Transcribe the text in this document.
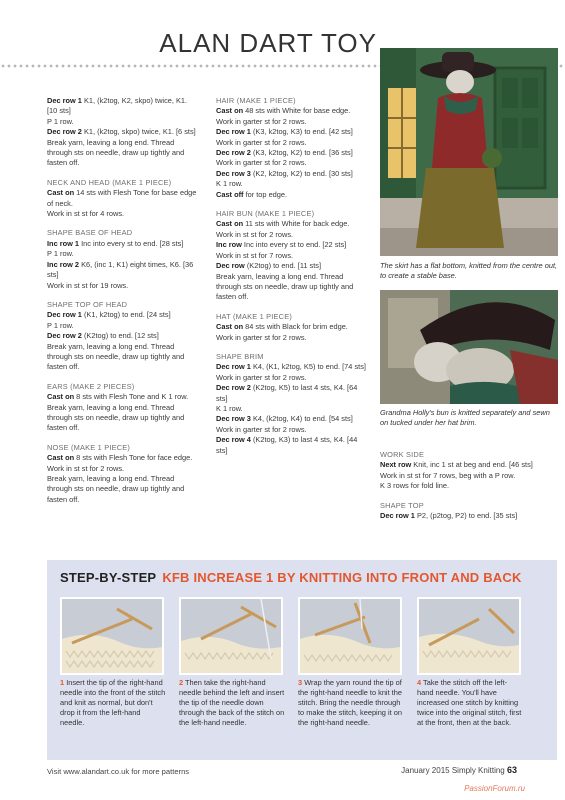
ALAN DART TOY

Dec row 1 K1, (k2tog, K2, skpo) twice, K1. [10 sts]

P 1 row.

Dec row 2 K1, (k2tog, skpo) twice, K1. [6 sts]

Break yarn, leaving a long end. Thread through sts on needle, draw up tightly and fasten off.

NECK AND HEAD (MAKE 1 PIECE)

Cast on 14 sts with Flesh Tone for base edge of neck.

Work in st st for 4 rows.

SHAPE BASE OF HEAD

Inc row 1 Inc into every st to end. [28 sts]

P 1 row.

Inc row 2 K6, (inc 1, K1) eight times, K6. [36 sts]

Work in st st for 19 rows.

SHAPE TOP OF HEAD

Dec row 1 (K1, k2tog) to end. [24 sts]

P 1 row.

Dec row 2 (K2tog) to end. [12 sts]

Break yarn, leaving a long end. Thread through sts on needle, draw up tightly and fasten off.

EARS (MAKE 2 PIECES)

Cast on 8 sts with Flesh Tone and K 1 row.

Break yarn, leaving a long end. Thread through sts on needle, draw up tightly and fasten off.

NOSE (MAKE 1 PIECE)

Cast on 8 sts with Flesh Tone for face edge.

Work in st st for 2 rows.

Break yarn, leaving a long end. Thread through sts on needle, draw up tightly and fasten off.

HAIR (MAKE 1 PIECE)

Cast on 48 sts with White for base edge.

Work in garter st for 2 rows.

Dec row 1 (K3, k2tog, K3) to end. [42 sts]

Work in garter st for 2 rows.

Dec row 2 (K3, k2tog, K2) to end. [36 sts]

Work in garter st for 2 rows.

Dec row 3 (K2, k2tog, K2) to end. [30 sts]

K 1 row.

Cast off for top edge.

HAIR BUN (MAKE 1 PIECE)

Cast on 11 sts with White for back edge.

Work in st st for 2 rows.

Inc row Inc into every st to end. [22 sts]

Work in st st for 7 rows.

Dec row (K2tog) to end. [11 sts]

Break yarn, leaving a long end. Thread through sts on needle, draw up tightly and fasten off.

HAT (MAKE 1 PIECE)

Cast on 84 sts with Black for brim edge.

Work in garter st for 2 rows.

SHAPE BRIM

Dec row 1 K4, (K1, k2tog, K5) to end. [74 sts]

Work in garter st for 2 rows.

Dec row 2 (K2tog, K5) to last 4 sts, K4. [64 sts]

K 1 row.

Dec row 3 K4, (k2tog, K4) to end. [54 sts]

Work in garter st for 2 rows.

Dec row 4 (K2tog, K3) to last 4 sts, K4. [44 sts]	WORK SIDE

Next row Knit, inc 1 st at beg and end. [46 sts]

Work in st st for 7 rows, beg with a P row.

K 3 rows for fold line.

SHAPE TOP

Dec row 1 P2, (p2tog, P2) to end. [35 sts]

The skirt has a flat bottom, knitted from the centre out, to create a stable base.
Grandma Holly's bun is knitted separately and sewn on tucked under her hat brim.
STEP-BY-STEP KFB INCREASE 1 BY KNITTING INTO FRONT AND BACK
1 Insert the tip of the right-hand needle into the front of the stitch and knit as normal, but don't drop it from the left-hand needle.
2 Then take the right-hand needle behind the left and insert the tip of the needle down through the back of the stitch on the left-hand needle.
3 Wrap the yarn round the tip of the right-hand needle to knit the stitch. Bring the needle through to make the stitch, keeping it on the right-hand needle.
4 Take the stitch off the left-hand needle. You'll have increased one stitch by knitting twice into the original stitch, first at the front, then at the back.
Visit www.alandart.co.uk for more patterns	January 2015 Simply Knitting 63
PassionForum.ru
